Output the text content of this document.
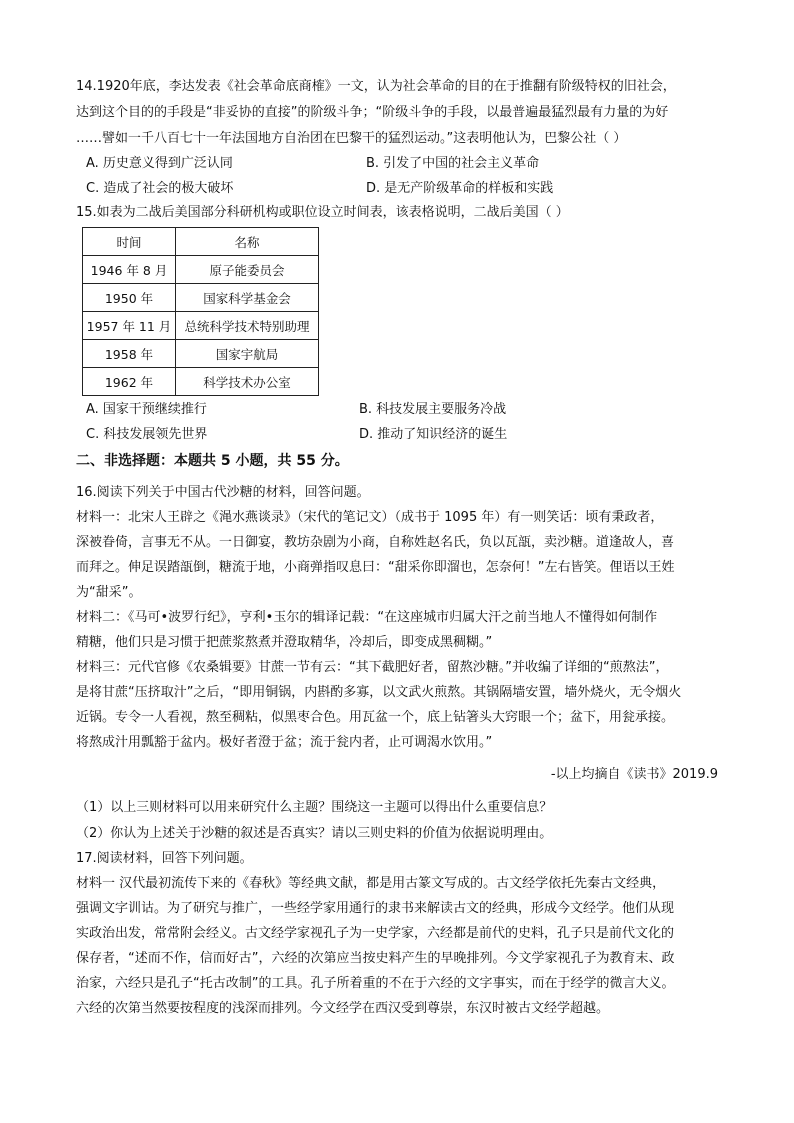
14.1920年底，李达发表《社会革命底商榷》一文，认为社会革命的目的在于推翻有阶级特权的旧社会，
达到这个目的的手段是“非妥协的直接”的阶级斗争；“阶级斗争的手段，以最普遍最猛烈最有力量的为好
……譬如一千八百七十一年法国地方自治团在巴黎干的猛烈运动。”这表明他认为，巴黎公社（ ）
A. 历史意义得到广泛认同	B. 引发了中国的社会主义革命
C. 造成了社会的极大破坏	D. 是无产阶级革命的样板和实践
15.如表为二战后美国部分科研机构或职位设立时间表，该表格说明，二战后美国（ ）
时间	名称
1946 年 8 月	原子能委员会
1950 年	国家科学基金会
1957 年 11 月	总统科学技术特别助理
1958 年	国家宇航局
1962 年	科学技术办公室
A. 国家干预继续推行	B. 科技发展主要服务冷战
C. 科技发展领先世界	D. 推动了知识经济的诞生
二、非选择题：本题共 5 小题，共 55 分。
16.阅读下列关于中国古代沙糖的材料，回答问题。
材料一：北宋人王辟之《渑水燕谈录》（宋代的笔记文）（成书于 1095 年）有一则笑话：顷有秉政者，
深被眷倚，言事无不从。一日御宴，教坊杂剧为小商，自称姓赵名氏，负以瓦瓿，卖沙糖。道逢故人，喜
而拜之。伸足误踏瓿倒，糖流于地，小商弹指叹息曰：“甜采你即溜也，怎奈何！”左右皆笑。俚语以王姓
为“甜采”。
材料二：《马可•波罗行纪》，亨利•玉尔的辑译记载：“在这座城市归属大汗之前当地人不懂得如何制作
精糖，他们只是习惯于把蔗浆熬煮并澄取精华，冷却后，即变成黑稠糊。”
材料三：元代官修《农桑辑要》甘蔗一节有云：“其下截肥好者，留熬沙糖。”并收编了详细的“煎熬法”，
是将甘蔗“压挤取汁”之后，“即用铜锅，内斟酌多寡，以文武火煎熬。其锅隔墙安置，墙外烧火，无令烟火
近锅。专令一人看视，熬至稠粘，似黑枣合色。用瓦盆一个，底上钻箸头大窍眼一个；盆下，用瓮承接。
将熬成汁用瓢豁于盆内。极好者澄于盆；流于瓮内者，止可调渴水饮用。”
-以上均摘自《读书》2019.9
（1）以上三则材料可以用来研究什么主题？围绕这一主题可以得出什么重要信息？
（2）你认为上述关于沙糖的叙述是否真实？请以三则史料的价值为依据说明理由。
17.阅读材料，回答下列问题。
材料一 汉代最初流传下来的《春秋》等经典文献，都是用古篆文写成的。古文经学依托先秦古文经典，
强调文字训诂。为了研究与推广，一些经学家用通行的隶书来解读古文的经典，形成今文经学。他们从现
实政治出发，常常附会经义。古文经学家视孔子为一史学家，六经都是前代的史料，孔子只是前代文化的
保存者，“述而不作，信而好古”，六经的次第应当按史料产生的早晚排列。今文学家视孔子为教育末、政
治家，六经只是孔子“托古改制”的工具。孔子所着重的不在于六经的文字事实，而在于经学的微言大义。
六经的次第当然要按程度的浅深而排列。今文经学在西汉受到尊崇，东汉时被古文经学超越。
